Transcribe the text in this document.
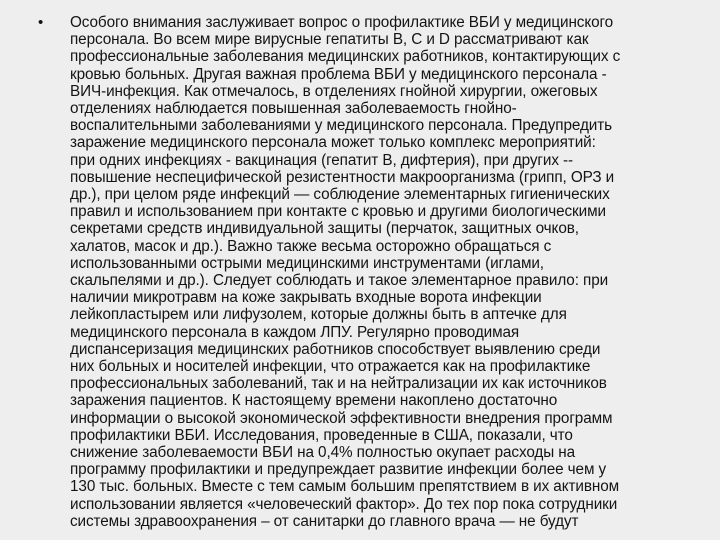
• Особого внимания заслуживает вопрос о профилактике ВБИ у медицинского
персонала. Во всем мире вирусные гепатиты В, С и D рассматривают как
профессиональные заболевания медицинских работников, контактирующих с
кровью больных. Другая важная проблема ВБИ у медицинского персонала -
ВИЧ-инфекция. Как отмечалось, в отделениях гнойной хирургии, ожеговых
отделениях наблюдается повышенная заболеваемость гнойно-
воспалительными заболеваниями у медицинского персонала. Предупредить
заражение медицинского персонала может только комплекс мероприятий:
при одних инфекциях - вакцинация (гепатит В, дифтерия), при других --
повышение неспецифической резистентности макроорганизма (грипп, ОРЗ и
др.), при целом ряде инфекций — соблюдение элементарных гигиенических
правил и использованием при контакте с кровью и другими биологическими
секретами средств индивидуальной защиты (перчаток, защитных очков,
халатов, масок и др.). Важно также весьма осторожно обращаться с
использованными острыми медицинскими инструментами (иглами,
скальпелями и др.). Следует соблюдать и такое элементарное правило: при
наличии микротравм на коже закрывать входные ворота инфекции
лейкопластырем или лифузолем, которые должны быть в аптечке для
медицинского персонала в каждом ЛПУ. Регулярно проводимая
диспансеризация медицинских работников способствует выявлению среди
них больных и носителей инфекции, что отражается как на профилактике
профессиональных заболеваний, так и на нейтрализации их как источников
заражения пациентов. К настоящему времени накоплено достаточно
информации о высокой экономической эффективности внедрения программ
профилактики ВБИ. Исследования, проведенные в США, показали, что
снижение заболеваемости ВБИ на 0,4% полностью окупает расходы на
программу профилактики и предупреждает развитие инфекции более чем у
130 тыс. больных. Вместе с тем самым большим препятствием в их активном
использовании является «человеческий фактор». До тех пор пока сотрудники
системы здравоохранения – от санитарки до главного врача — не будут
